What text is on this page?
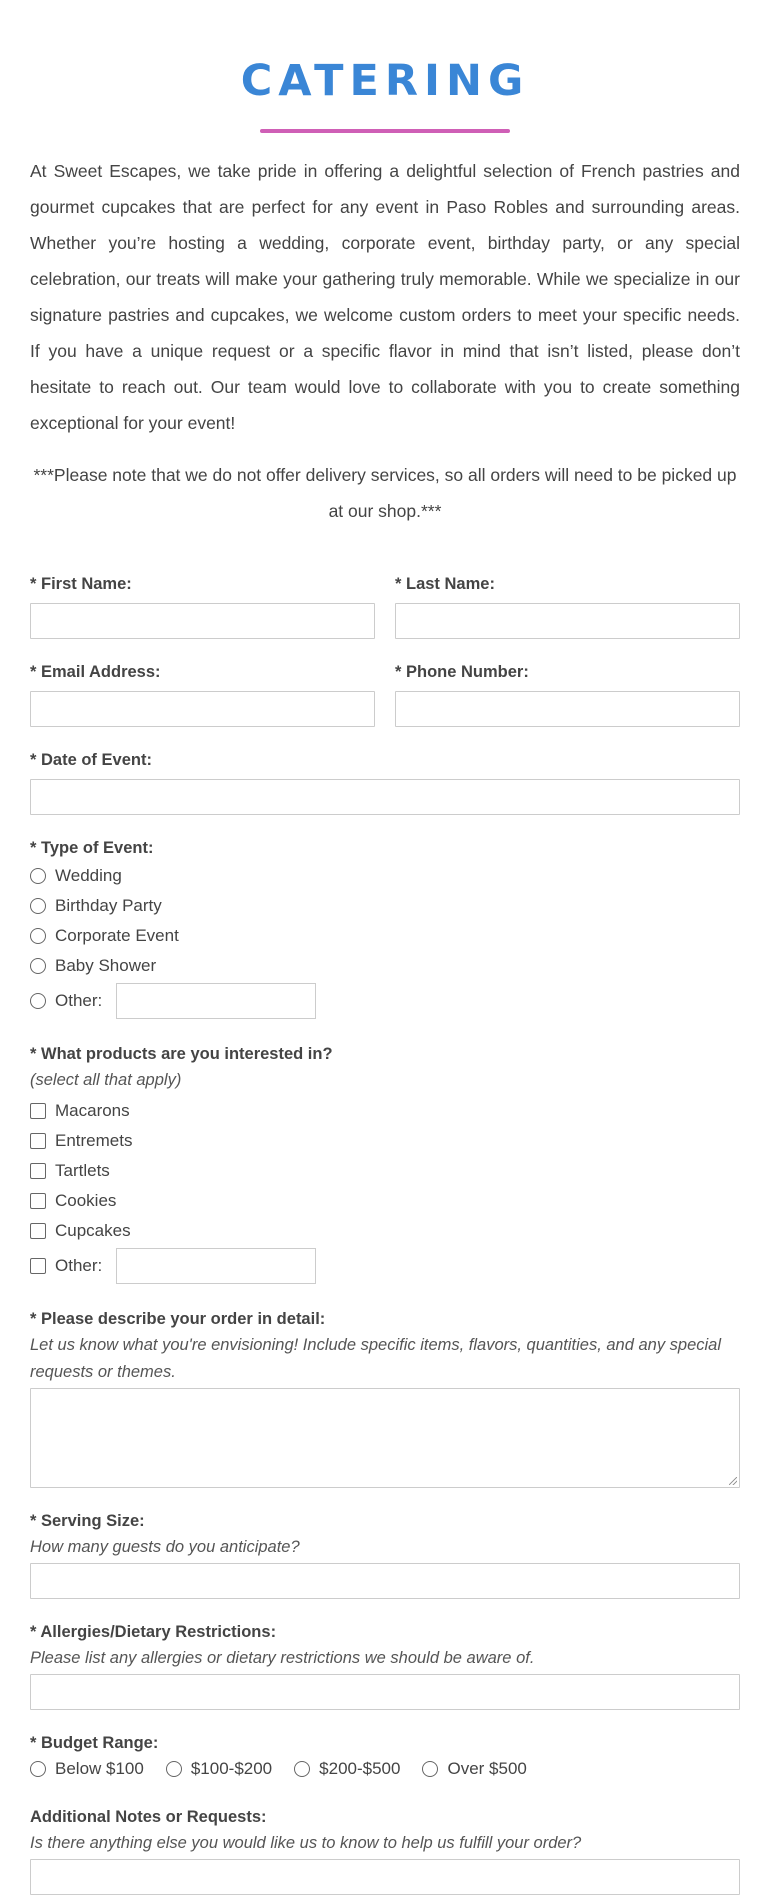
CATERING

At Sweet Escapes, we take pride in offering a delightful selection of French pastries and gourmet cupcakes that are perfect for any event in Paso Robles and surrounding areas. Whether you’re hosting a wedding, corporate event, birthday party, or any special celebration, our treats will make your gathering truly memorable. While we specialize in our signature pastries and cupcakes, we welcome custom orders to meet your specific needs. If you have a unique request or a specific flavor in mind that isn’t listed, please don’t hesitate to reach out. Our team would love to collaborate with you to create something exceptional for your event!

***Please note that we do not offer delivery services, so all orders will need to be picked up at our shop.***

* First Name:	* Last Name:
* Email Address:	* Phone Number:
* Date of Event:
* Type of Event:
Wedding
Birthday Party
Corporate Event
Baby Shower
Other:
* What products are you interested in?
(select all that apply)
Macarons
Entremets
Tartlets
Cookies
Cupcakes
Other:
* Please describe your order in detail:
Let us know what you're envisioning! Include specific items, flavors, quantities, and any special requests or themes.
* Serving Size:
How many guests do you anticipate?
* Allergies/Dietary Restrictions:
Please list any allergies or dietary restrictions we should be aware of.
* Budget Range:
Below $100	$100-$200	$200-$500	Over $500
Additional Notes or Requests:
Is there anything else you would like us to know to help us fulfill your order?
